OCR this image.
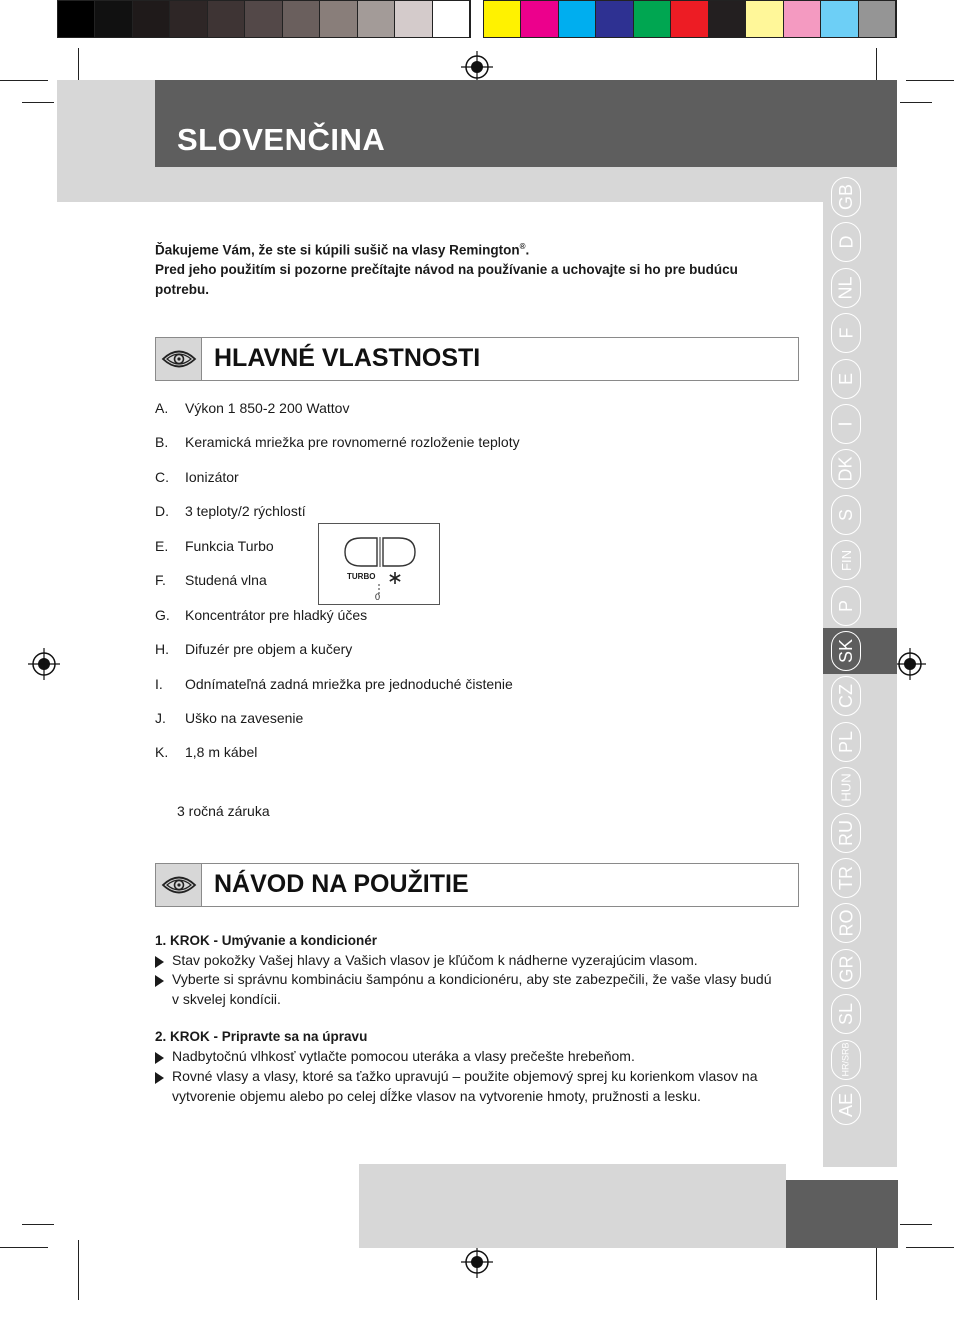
SLOVENČINA
GB
D
NL
F
E
I
DK
S
FIN
P
SK
CZ
PL
HUN
RU
TR
RO
GR
SL
HR/SRB
AE
Ďakujeme Vám, že ste si kúpili sušič na vlasy Remington®.
Pred jeho použitím si pozorne prečítajte návod na používanie a uchovajte si ho pre budúcu potrebu.
HLAVNÉ VLASTNOSTI
A. Výkon 1 850-2 200 Wattov
B. Keramická mriežka pre rovnomerné rozloženie teploty
C. Ionizátor
D. 3 teploty/2 rýchlostí
E. Funkcia Turbo
F. Studená vlna
G. Koncentrátor pre hladký účes
H. Difuzér pre objem a kučery
I. Odnímateľná zadná mriežka pre jednoduché čistenie
J. Uško na zavesenie
K. 1,8 m kábel
TURBO
0
3 ročná záruka
NÁVOD NA POUŽITIE
1. KROK - Umývanie a kondicionér
Stav pokožky Vašej hlavy a Vašich vlasov je kľúčom k nádherne vyzerajúcim vlasom.
Vyberte si správnu kombináciu šampónu a kondicionéru, aby ste zabezpečili, že vaše vlasy budú v skvelej kondícii.
2. KROK - Pripravte sa na úpravu
Nadbytočnú vlhkosť vytlačte pomocou uteráka a vlasy prečešte hrebeňom.
Rovné vlasy a vlasy, ktoré sa ťažko upravujú – použite objemový sprej ku korienkom vlasov na vytvorenie objemu alebo po celej dĺžke vlasov na vytvorenie hmoty, pružnosti a lesku.
